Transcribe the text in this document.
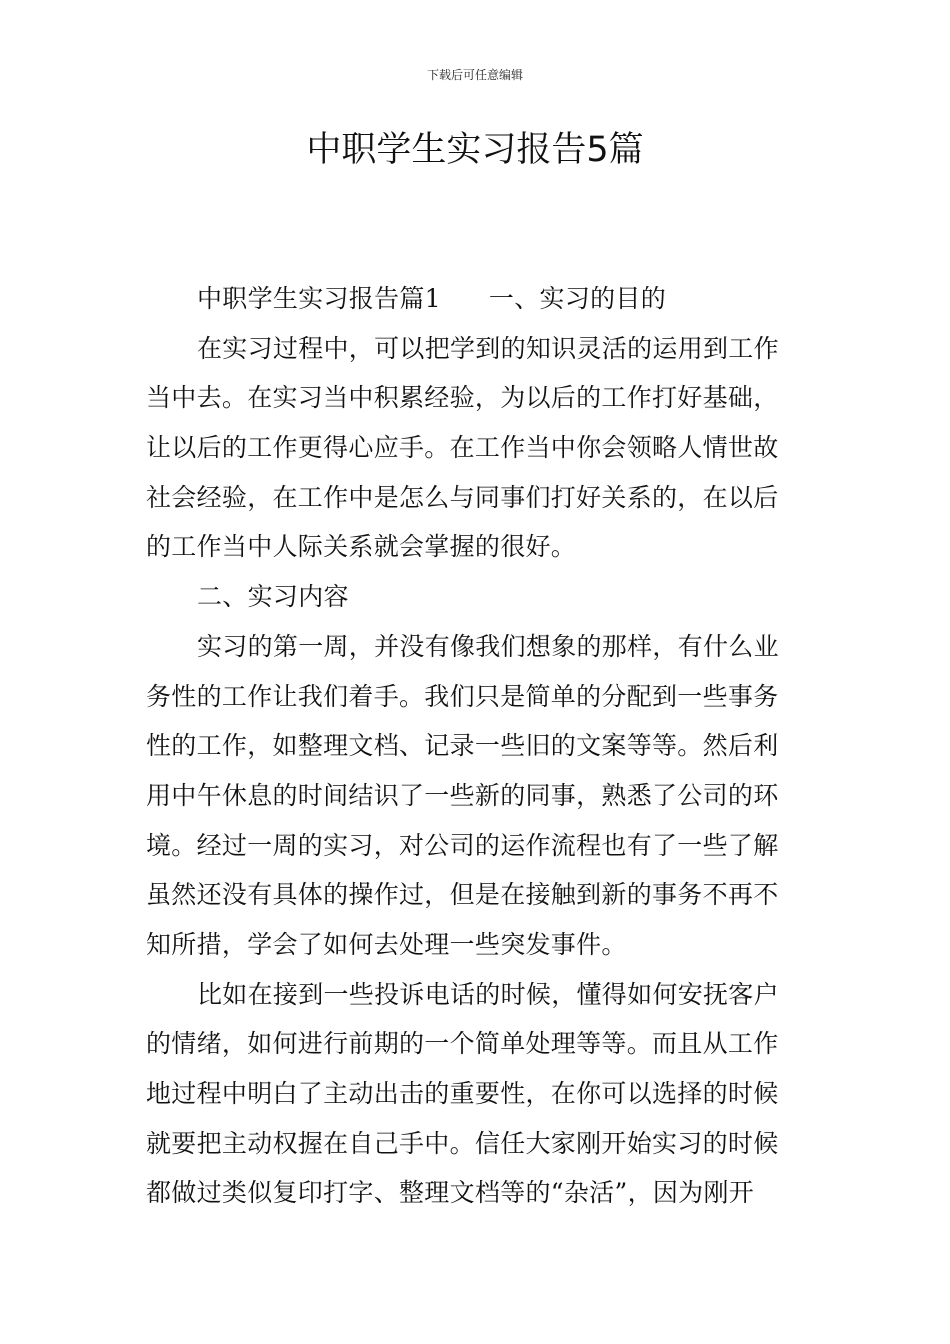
下载后可任意编辑
中职学生实习报告5篇
中职学生实习报告篇1 一、实习的目的
在实习过程中，可以把学到的知识灵活的运用到工作
当中去。在实习当中积累经验，为以后的工作打好基础，
让以后的工作更得心应手。在工作当中你会领略人情世故
社会经验，在工作中是怎么与同事们打好关系的，在以后
的工作当中人际关系就会掌握的很好。
二、实习内容
实习的第一周，并没有像我们想象的那样，有什么业
务性的工作让我们着手。我们只是简单的分配到一些事务
性的工作，如整理文档、记录一些旧的文案等等。然后利
用中午休息的时间结识了一些新的同事，熟悉了公司的环
境。经过一周的实习，对公司的运作流程也有了一些了解
虽然还没有具体的操作过，但是在接触到新的事务不再不
知所措，学会了如何去处理一些突发事件。
比如在接到一些投诉电话的时候，懂得如何安抚客户
的情绪，如何进行前期的一个简单处理等等。而且从工作
地过程中明白了主动出击的重要性，在你可以选择的时候
就要把主动权握在自己手中。信任大家刚开始实习的时候
都做过类似复印打字、整理文档等的“杂活”，因为刚开
